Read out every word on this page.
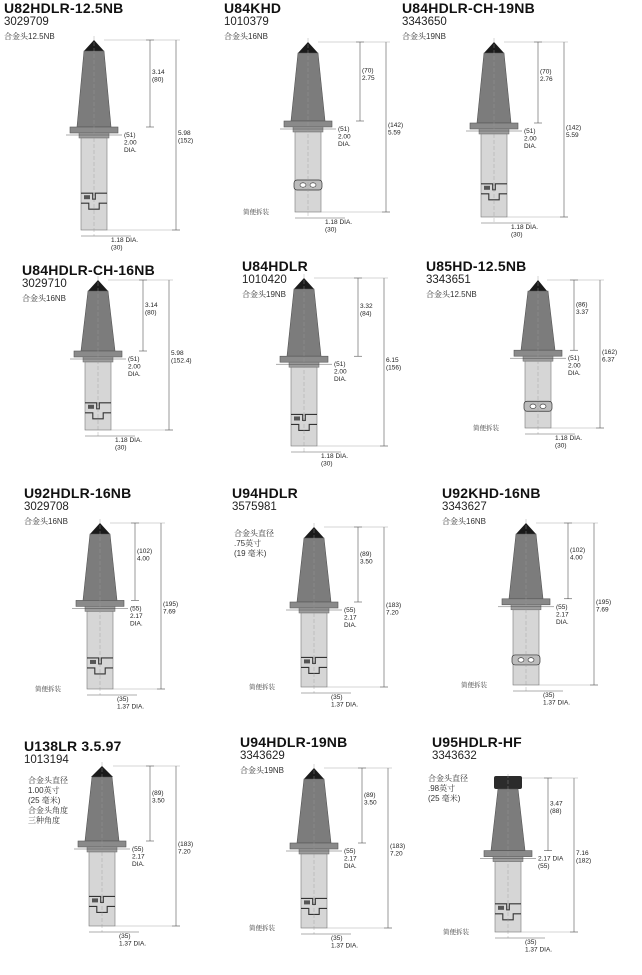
U82HDLR-12.5NB
3029709
合金头12.5NB
3.14 (80)
5.98 (152)
(51) 2.00 DIA.
1.18 DIA. (30)
U84KHD
1010379
合金头16NB
(70) 2.75
(142) 5.59
(51) 2.00 DIA.
1.18 DIA. (30)
简便拆装
U84HDLR-CH-19NB
3343650
合金头19NB
(70) 2.76
(142) 5.59
(51) 2.00 DIA.
1.18 DIA. (30)
U84HDLR-CH-16NB
3029710
合金头16NB
3.14 (80)
5.98 (152.4)
(51) 2.00 DIA.
1.18 DIA. (30)
U84HDLR
1010420
合金头19NB
3.32 (84)
6.15 (156)
(51) 2.00 DIA.
1.18 DIA. (30)
U85HD-12.5NB
3343651
合金头12.5NB
(86) 3.37
(162) 6.37
(51) 2.00 DIA.
1.18 DIA. (30)
简便拆装
U92HDLR-16NB
3029708
合金头16NB
(102) 4.00
(195) 7.69
(55) 2.17 DIA.
(35) 1.37 DIA.
简便拆装
U94HDLR
3575981
合金头直径
.75英寸
(19 毫米)	(89) 3.50
(183) 7.20
(55) 2.17 DIA.
(35) 1.37 DIA.
简便拆装
U92KHD-16NB
3343627
合金头16NB
(102) 4.00
(195) 7.69
(55) 2.17 DIA.
(35) 1.37 DIA.
简便拆装
U138LR 3.5.97
1013194
合金头直径
1.00英寸
(25 毫米)
合金头角度
三种角度
(89) 3.50
(183) 7.20
(55) 2.17 DIA.
(35) 1.37 DIA.
U94HDLR-19NB
3343629
合金头19NB
(89) 3.50
(183) 7.20
(55) 2.17 DIA.
(35) 1.37 DIA.
简便拆装
U95HDLR-HF
3343632
合金头直径
.98英寸
(25 毫米)
3.47 (88)
7.16 (182)
2.17 DIA (55)
(35) 1.37 DIA.
简便拆装
